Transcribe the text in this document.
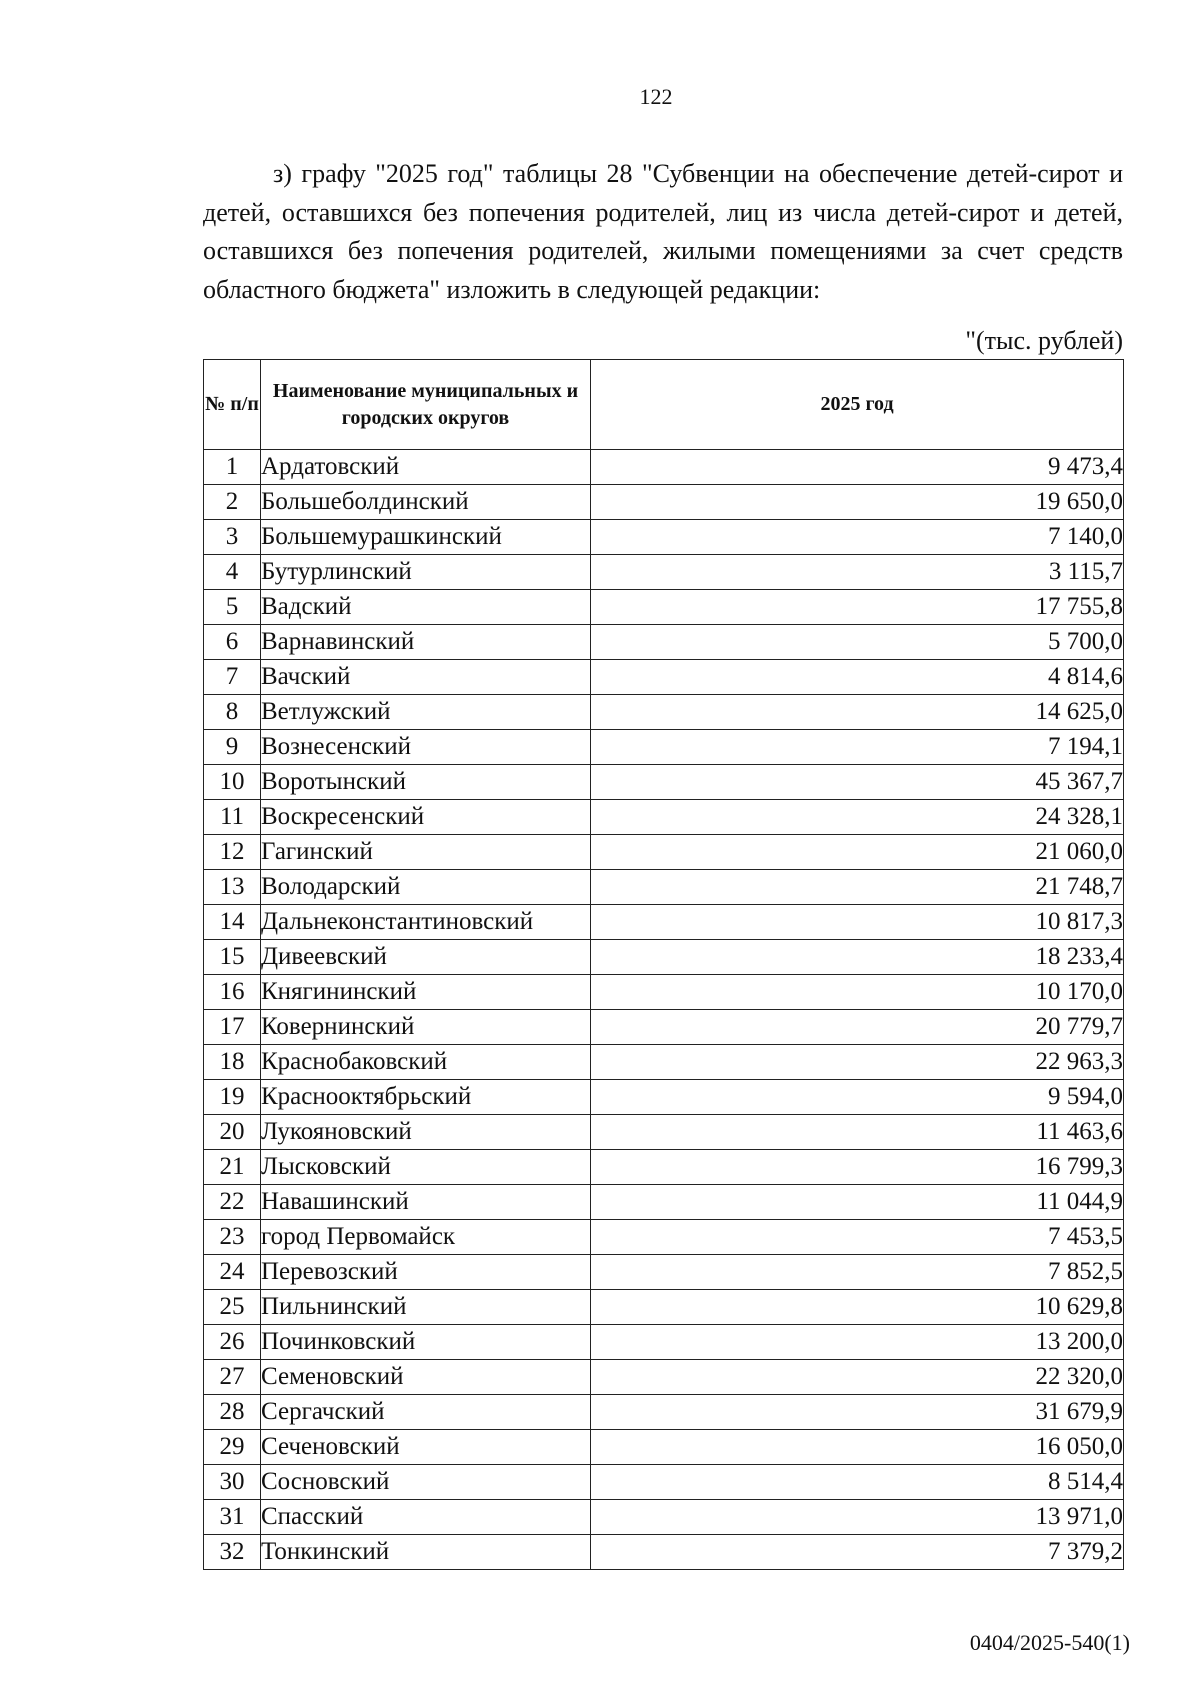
122

з) графу "2025 год" таблицы 28 "Субвенции на обеспечение детей-сирот и детей, оставшихся без попечения родителей, лиц из числа детей-сирот и детей, оставшихся без попечения родителей, жилыми помещениями за счет средств областного бюджета" изложить в следующей редакции:

"(тыс. рублей)
№ п/п	Наименование муниципальных и городских округов	2025 год
1	Ардатовский	9 473,4
2	Большеболдинский	19 650,0
3	Большемурашкинский	7 140,0
4	Бутурлинский	3 115,7
5	Вадский	17 755,8
6	Варнавинский	5 700,0
7	Вачский	4 814,6
8	Ветлужский	14 625,0
9	Вознесенский	7 194,1
10	Воротынский	45 367,7
11	Воскресенский	24 328,1
12	Гагинский	21 060,0
13	Володарский	21 748,7
14	Дальнеконстантиновский	10 817,3
15	Дивеевский	18 233,4
16	Княгининский	10 170,0
17	Ковернинский	20 779,7
18	Краснобаковский	22 963,3
19	Краснооктябрьский	9 594,0
20	Лукояновский	11 463,6
21	Лысковский	16 799,3
22	Навашинский	11 044,9
23	город Первомайск	7 453,5
24	Перевозский	7 852,5
25	Пильнинский	10 629,8
26	Починковский	13 200,0
27	Семеновский	22 320,0
28	Сергачский	31 679,9
29	Сеченовский	16 050,0
30	Сосновский	8 514,4
31	Спасский	13 971,0
32	Тонкинский	7 379,2
0404/2025-540(1)
